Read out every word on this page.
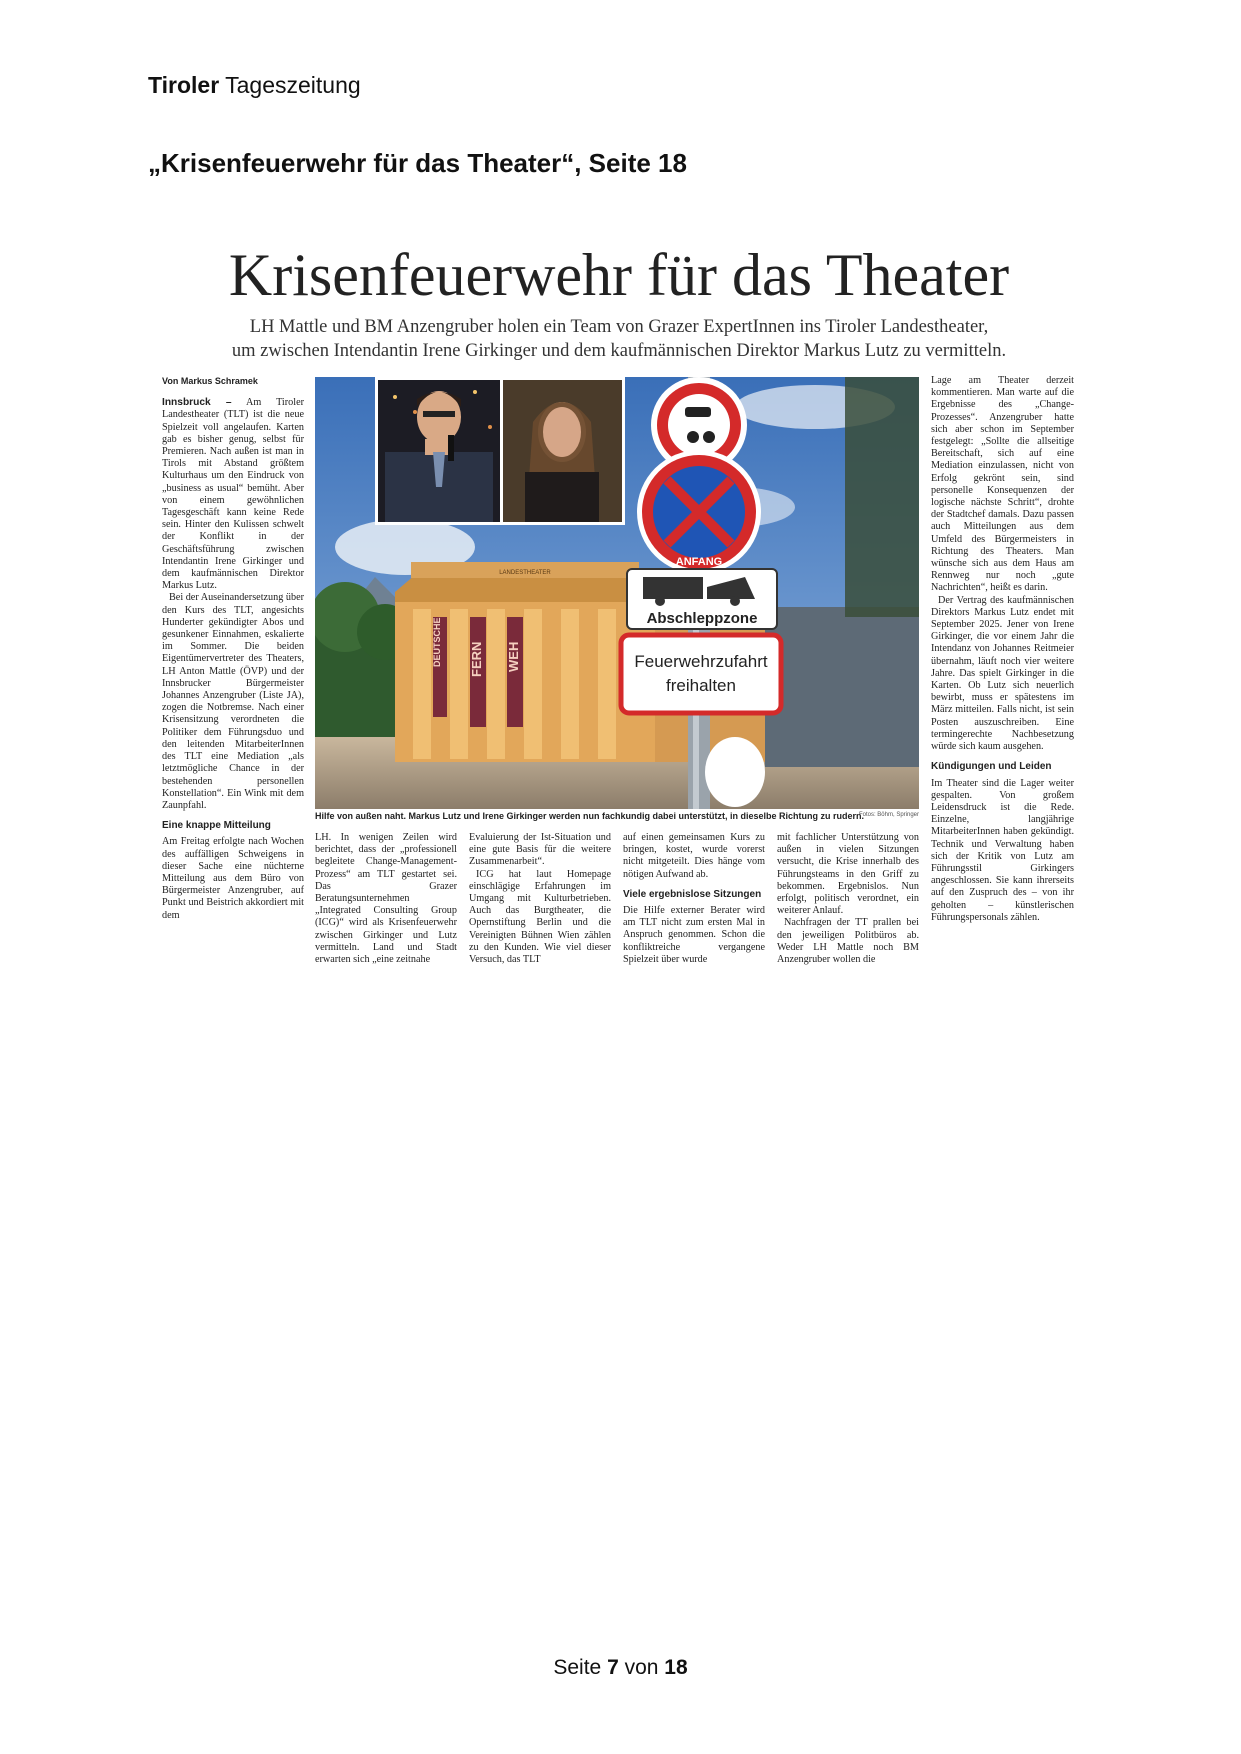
Tiroler Tageszeitung
„Krisenfeuerwehr für das Theater“, Seite 18
Krisenfeuerwehr für das Theater
LH Mattle und BM Anzengruber holen ein Team von Grazer ExpertInnen ins Tiroler Landestheater,
um zwischen Intendantin Irene Girkinger und dem kaufmännischen Direktor Markus Lutz zu vermitteln.
Von Markus Schramek

Innsbruck – Am Tiroler Landestheater (TLT) ist die neue Spielzeit voll angelaufen. Karten gab es bisher genug, selbst für Premieren. Nach außen ist man in Tirols mit Abstand größtem Kulturhaus um den Eindruck von „business as usual“ bemüht. Aber von einem gewöhnlichen Tagesgeschäft kann keine Rede sein. Hinter den Kulissen schwelt der Konflikt in der Geschäftsführung zwischen Intendantin Irene Girkinger und dem kaufmännischen Direktor Markus Lutz.

Bei der Auseinandersetzung über den Kurs des TLT, angesichts Hunderter gekündigter Abos und gesunkener Einnahmen, eskalierte im Sommer. Die beiden Eigentümervertreter des Theaters, LH Anton Mattle (ÖVP) und der Innsbrucker Bürgermeister Johannes Anzengruber (Liste JA), zogen die Notbremse. Nach einer Krisensitzung verordneten die Politiker dem Führungsduo und den leitenden MitarbeiterInnen des TLT eine Mediation „als letztmögliche Chance in der bestehenden personellen Konstellation“. Ein Wink mit dem Zaunpfahl.

Eine knappe Mitteilung

Am Freitag erfolgte nach Wochen des auffälligen Schweigens in dieser Sache eine nüchterne Mitteilung aus dem Büro von Bürgermeister Anzengruber, auf Punkt und Beistrich akkordiert mit dem

DEUTSCHE FERN WEH
LANDESTHEATER
ANFANG
Abschleppzone
Feuerwehrzufahrt
freihalten
Hilfe von außen naht. Markus Lutz und Irene Girkinger werden nun fachkundig dabei unterstützt, in dieselbe Richtung zu rudern.
Fotos: Böhm, Springer

LH. In wenigen Zeilen wird berichtet, dass der „professionell begleitete Change-Management-Prozess“ am TLT gestartet sei. Das Grazer Beratungsunternehmen „Integrated Consulting Group (ICG)“ wird als Krisenfeuerwehr zwischen Girkinger und Lutz vermitteln. Land und Stadt erwarten sich „eine zeitnahe

Evaluierung der Ist-Situation und eine gute Basis für die weitere Zusammenarbeit“.

ICG hat laut Homepage einschlägige Erfahrungen im Umgang mit Kulturbetrieben. Auch das Burgtheater, die Opernstiftung Berlin und die Vereinigten Bühnen Wien zählen zu den Kunden. Wie viel dieser Versuch, das TLT

auf einen gemeinsamen Kurs zu bringen, kostet, wurde vorerst nicht mitgeteilt. Dies hänge vom nötigen Aufwand ab.

Viele ergebnislose Sitzungen

Die Hilfe externer Berater wird am TLT nicht zum ersten Mal in Anspruch genommen. Schon die konfliktreiche vergangene Spielzeit über wurde

mit fachlicher Unterstützung von außen in vielen Sitzungen versucht, die Krise innerhalb des Führungsteams in den Griff zu bekommen. Ergebnislos. Nun erfolgt, politisch verordnet, ein weiterer Anlauf.

Nachfragen der TT prallen bei den jeweiligen Politbüros ab. Weder LH Mattle noch BM Anzengruber wollen die

Lage am Theater derzeit kommentieren. Man warte auf die Ergebnisse des „Change-Prozesses“. Anzengruber hatte sich aber schon im September festgelegt: „Sollte die allseitige Bereitschaft, sich auf eine Mediation einzulassen, nicht von Erfolg gekrönt sein, sind personelle Konsequenzen der logische nächste Schritt“, drohte der Stadtchef damals. Dazu passen auch Mitteilungen aus dem Umfeld des Bürgermeisters in Richtung des Theaters. Man wünsche sich aus dem Haus am Rennweg nur noch „gute Nachrichten“, heißt es darin.

Der Vertrag des kaufmännischen Direktors Markus Lutz endet mit September 2025. Jener von Irene Girkinger, die vor einem Jahr die Intendanz von Johannes Reitmeier übernahm, läuft noch vier weitere Jahre. Das spielt Girkinger in die Karten. Ob Lutz sich neuerlich bewirbt, muss er spätestens im März mitteilen. Falls nicht, ist sein Posten auszuschreiben. Eine termingerechte Nachbesetzung würde sich kaum ausgehen.

Kündigungen und Leiden

Im Theater sind die Lager weiter gespalten. Von großem Leidensdruck ist die Rede. Einzelne, langjährige MitarbeiterInnen haben gekündigt. Technik und Verwaltung haben sich der Kritik von Lutz am Führungsstil Girkingers angeschlossen. Sie kann ihrerseits auf den Zuspruch des – von ihr geholten – künstlerischen Führungspersonals zählen.

Seite 7 von 18
